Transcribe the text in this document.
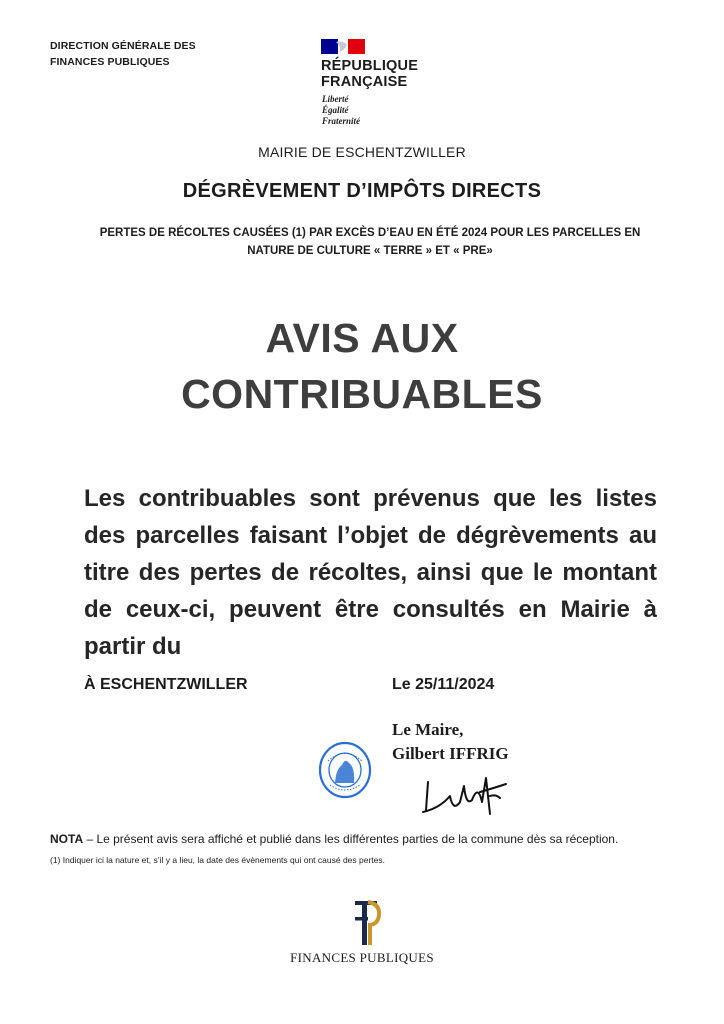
DIRECTION GÉNÉRALE DES
FINANCES PUBLIQUES	RÉPUBLIQUE
FRANÇAISE
Liberté
Égalité
Fraternité
MAIRIE DE ESCHENTZWILLER
DÉGRÈVEMENT D’IMPÔTS DIRECTS
PERTES DE RÉCOLTES CAUSÉES (1) PAR EXCÈS D’EAU EN ÉTÉ 2024 POUR LES PARCELLES EN
NATURE DE CULTURE « TERRE » ET « PRE»
AVIS AUX
CONTRIBUABLES
Les contribuables sont prévenus que les listes des parcelles faisant l’objet de dégrèvements au titre des pertes de récoltes, ainsi que le montant de ceux-ci, peuvent être consultés en Mairie à partir du
À ESCHENTZWILLER	Le 25/11/2024
Le Maire,
Gilbert IFFRIG
NOTA – Le présent avis sera affiché et publié dans les différentes parties de la commune dès sa réception.
(1) Indiquer ici la nature et, s’il y a lieu, la date des évènements qui ont causé des pertes.
FINANCES PUBLIQUES
